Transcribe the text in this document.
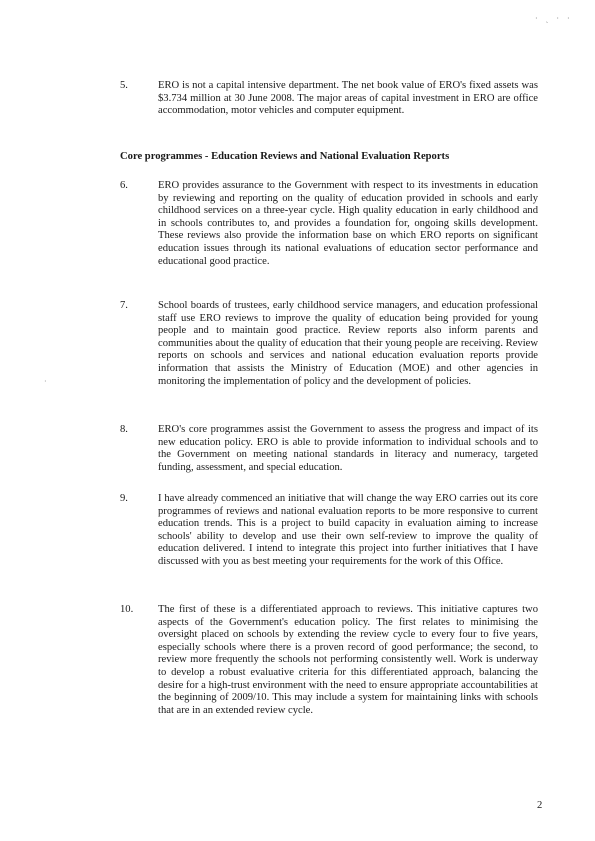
· ˎ · ·
·
5.	ERO is not a capital intensive department. The net book value of ERO's fixed assets was $3.734 million at 30 June 2008. The major areas of capital investment in ERO are office accommodation, motor vehicles and computer equipment.
Core programmes - Education Reviews and National Evaluation Reports
6.	ERO provides assurance to the Government with respect to its investments in education by reviewing and reporting on the quality of education provided in schools and early childhood services on a three-year cycle. High quality education in early childhood and in schools contributes to, and provides a foundation for, ongoing skills development. These reviews also provide the information base on which ERO reports on significant education issues through its national evaluations of education sector performance and educational good practice.
7.	School boards of trustees, early childhood service managers, and education professional staff use ERO reviews to improve the quality of education being provided for young people and to maintain good practice. Review reports also inform parents and communities about the quality of education that their young people are receiving. Review reports on schools and services and national education evaluation reports provide information that assists the Ministry of Education (MOE) and other agencies in monitoring the implementation of policy and the development of policies.
8.	ERO's core programmes assist the Government to assess the progress and impact of its new education policy. ERO is able to provide information to individual schools and to the Government on meeting national standards in literacy and numeracy, targeted funding, assessment, and special education.
9.	I have already commenced an initiative that will change the way ERO carries out its core programmes of reviews and national evaluation reports to be more responsive to current education trends. This is a project to build capacity in evaluation aiming to increase schools' ability to develop and use their own self-review to improve the quality of education delivered. I intend to integrate this project into further initiatives that I have discussed with you as best meeting your requirements for the work of this Office.
10. The first of these is a differentiated approach to reviews. This initiative captures two aspects of the Government's education policy. The first relates to minimising the oversight placed on schools by extending the review cycle to every four to five years, especially schools where there is a proven record of good performance; the second, to review more frequently the schools not performing consistently well. Work is underway to develop a robust evaluative criteria for this differentiated approach, balancing the desire for a high-trust environment with the need to ensure appropriate accountabilities at the beginning of 2009/10. This may include a system for maintaining links with schools that are in an extended review cycle.
2
